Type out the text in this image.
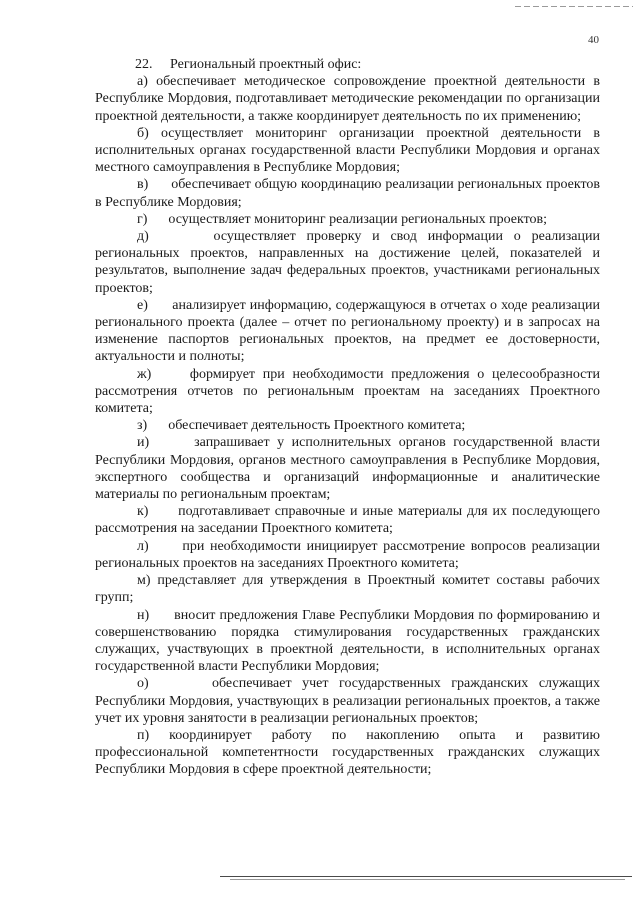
40

22.     Региональный проектный офис:

а) обеспечивает методическое сопровождение проектной деятельности в Республике Мордовия, подготавливает методические рекомендации по организации проектной деятельности, а также координирует деятельность по их применению;

б) осуществляет мониторинг организации проектной деятельности в исполнительных органах государственной власти Республики Мордовия и органах местного самоуправления в Республике Мордовия;

в)      обеспечивает общую координацию реализации региональных проектов в Республике Мордовия;

г)      осуществляет мониторинг реализации региональных проектов;

д)      осуществляет проверку и свод информации о реализации региональных проектов, направленных на достижение целей, показателей и результатов, выполнение задач федеральных проектов, участниками региональных проектов;

е)      анализирует информацию, содержащуюся в отчетах о ходе реализации регионального проекта (далее – отчет по региональному проекту) и в запросах на изменение паспортов региональных проектов, на предмет ее достоверности, актуальности и полноты;

ж)     формирует при необходимости предложения о целесообразности рассмотрения отчетов по региональным проектам на заседаниях Проектного комитета;

з)      обеспечивает деятельность Проектного комитета;

и)      запрашивает у исполнительных органов государственной власти Республики Мордовия, органов местного самоуправления в Республике Мордовия, экспертного сообщества и организаций информационные и аналитические материалы по региональным проектам;

к)      подготавливает справочные и иные материалы для их последующего рассмотрения на заседании Проектного комитета;

л)      при необходимости инициирует рассмотрение вопросов реализации региональных проектов на заседаниях Проектного комитета;

м) представляет для утверждения в Проектный комитет составы рабочих групп;

н)      вносит предложения Главе Республики Мордовия по формированию и совершенствованию порядка стимулирования государственных гражданских служащих, участвующих в проектной деятельности, в исполнительных органах государственной власти Республики Мордовия;

о)      обеспечивает учет государственных гражданских служащих Республики Мордовия, участвующих в реализации региональных проектов, а также учет их уровня занятости в реализации региональных проектов;

п) координирует работу по накоплению опыта и развитию профессиональной компетентности государственных гражданских служащих Республики Мордовия в сфере проектной деятельности;
